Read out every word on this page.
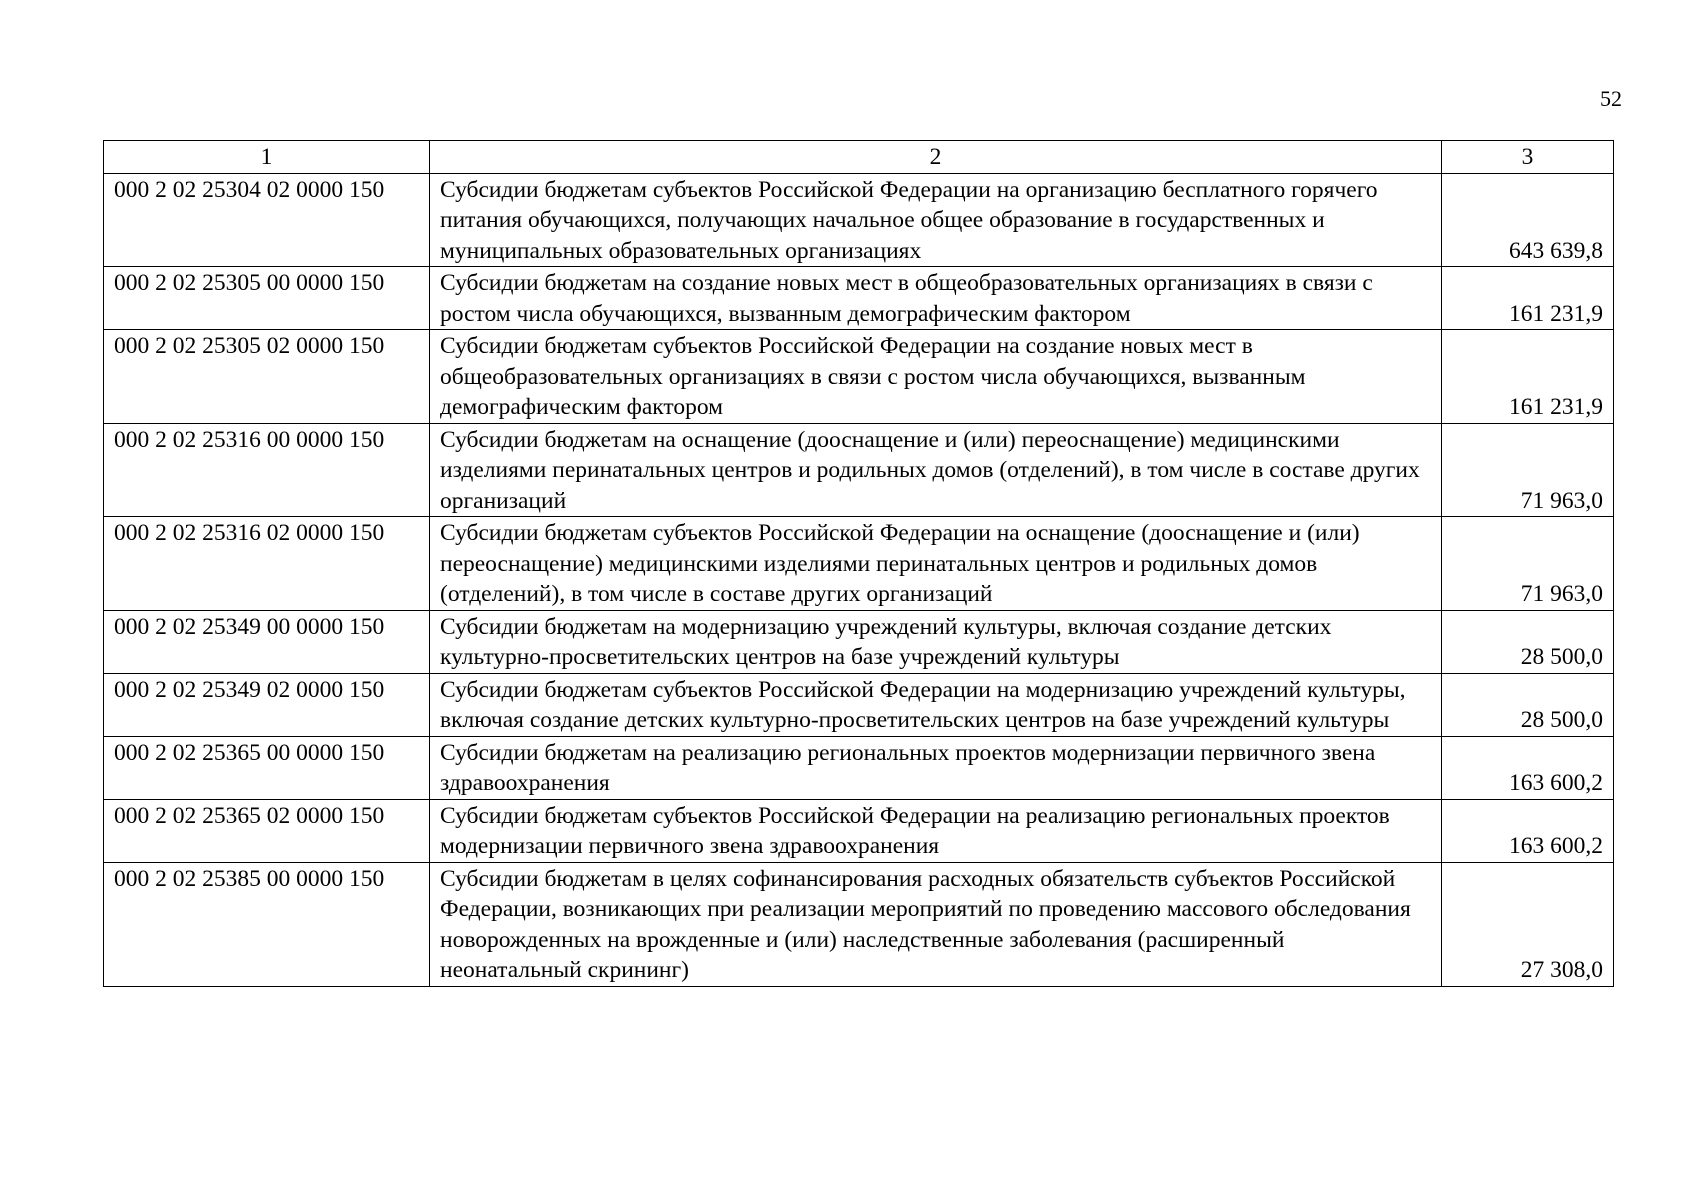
52
1	2	3
000 2 02 25304 02 0000 150	Субсидии бюджетам субъектов Российской Федерации на организацию бесплатного горячего питания обучающихся, получающих начальное общее образование в государственных и муниципальных образовательных организациях	643 639,8
000 2 02 25305 00 0000 150	Субсидии бюджетам на создание новых мест в общеобразовательных организациях в связи с ростом числа обучающихся, вызванным демографическим фактором	161 231,9
000 2 02 25305 02 0000 150	Субсидии бюджетам субъектов Российской Федерации на создание новых мест в общеобразовательных организациях в связи с ростом числа обучающихся, вызванным демографическим фактором	161 231,9
000 2 02 25316 00 0000 150	Субсидии бюджетам на оснащение (дооснащение и (или) переоснащение) медицинскими изделиями перинатальных центров и родильных домов (отделений), в том числе в составе других организаций	71 963,0
000 2 02 25316 02 0000 150	Субсидии бюджетам субъектов Российской Федерации на оснащение (дооснащение и (или) переоснащение) медицинскими изделиями перинатальных центров и родильных домов (отделений), в том числе в составе других организаций	71 963,0
000 2 02 25349 00 0000 150	Субсидии бюджетам на модернизацию учреждений культуры, включая создание детских культурно-просветительских центров на базе учреждений культуры	28 500,0
000 2 02 25349 02 0000 150	Субсидии бюджетам субъектов Российской Федерации на модернизацию учреждений культуры, включая создание детских культурно-просветительских центров на базе учреждений культуры	28 500,0
000 2 02 25365 00 0000 150	Субсидии бюджетам на реализацию региональных проектов модернизации первичного звена здравоохранения	163 600,2
000 2 02 25365 02 0000 150	Субсидии бюджетам субъектов Российской Федерации на реализацию региональных проектов модернизации первичного звена здравоохранения	163 600,2
000 2 02 25385 00 0000 150	Субсидии бюджетам в целях софинансирования расходных обязательств субъектов Российской Федерации, возникающих при реализации мероприятий по проведению массового обследования новорожденных на врожденные и (или) наследственные заболевания (расширенный неонатальный скрининг)	27 308,0
